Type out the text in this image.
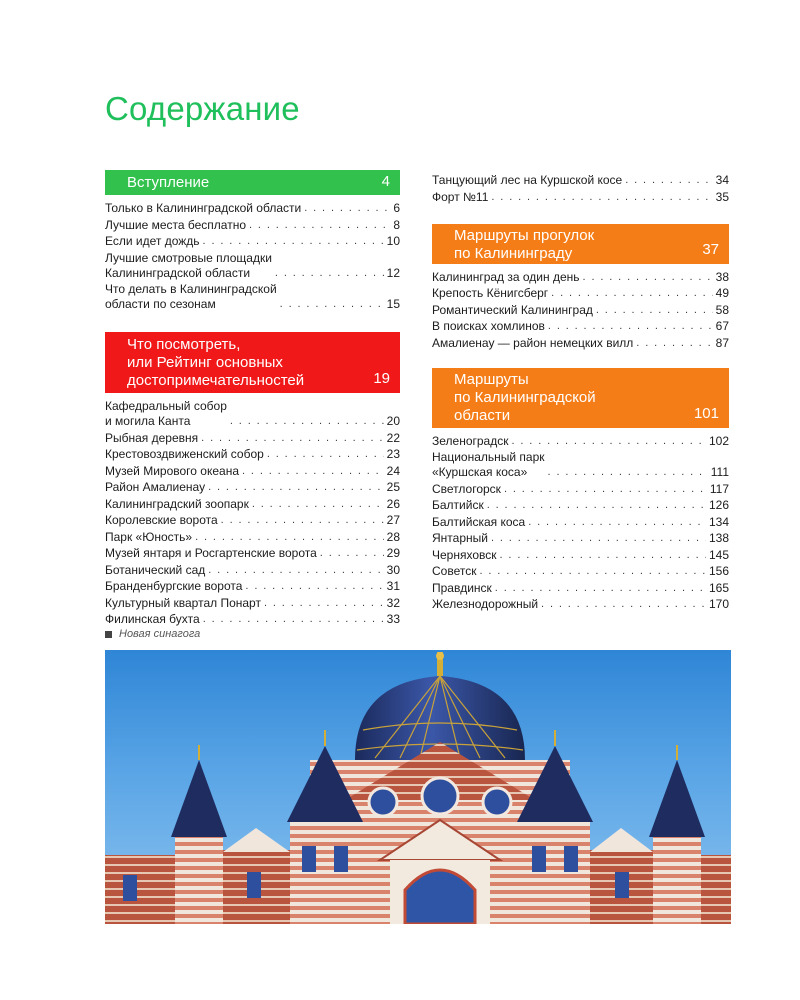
Содержание
Вступление	4
Только в Калининградской области . . .	6
Лучшие места бесплатно . . .	8
Если идет дождь . . .	10
Лучшие смотровые площадки
Калининградской области . . .	12
Что делать в Калининградской
области по сезонам . . .	15
Что посмотреть,
или Рейтинг основных
достопримечательностей	19
Кафедральный собор
и могила Канта . . .	20
Рыбная деревня . . .	22
Крестовоздвиженский собор . . .	23
Музей Мирового океана . . .	24
Район Амалиенау . . .	25
Калининградский зоопарк . . .	26
Королевские ворота . . .	27
Парк «Юность» . . .	28
Музей янтаря и Росгартенские ворота . . .	29
Ботанический сад . . .	30
Бранденбургские ворота . . .	31
Культурный квартал Понарт . . .	32
Филинская бухта . . .	33
Танцующий лес на Куршской косе . . .	34
Форт №11 . . .	35
Маршруты прогулок
по Калининграду	37
Калининград за один день . . .	38
Крепость Кёнигсберг . . .	49
Романтический Калининград . . .	58
В поисках хомлинов . . .	67
Амалиенау — район немецких вилл . . .	87
Маршруты
по Калининградской
области	101
Зеленоградск . . .	102
Национальный парк
«Куршская коса» . . .	111
Светлогорск . . .	117
Балтийск . . .	126
Балтийская коса . . .	134
Янтарный . . .	138
Черняховск . . .	145
Советск . . .	156
Правдинск . . .	165
Железнодорожный . . .	170
Новая синагога
